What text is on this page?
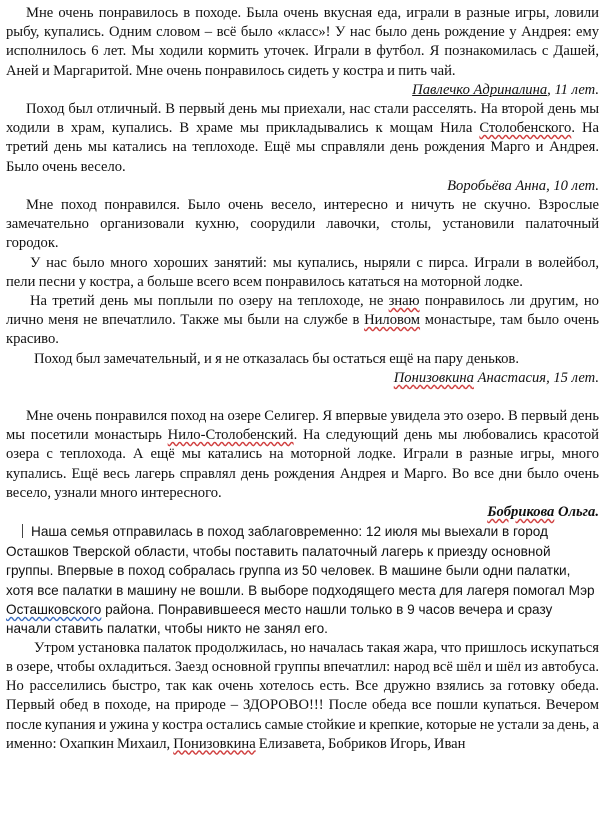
Мне очень понравилось в походе. Была очень вкусная еда, играли в разные игры, ловили рыбу, купались. Одним словом – всё было «класс»! У нас было день рождение у Андрея: ему исполнилось 6 лет. Мы ходили кормить уточек. Играли в футбол. Я познакомилась с Дашей, Аней и Маргаритой. Мне очень понравилось сидеть у костра и пить чай.

Павлечко Адриналина, 11 лет.

Поход был отличный. В первый день мы приехали, нас стали расселять. На второй день мы ходили в храм, купались. В храме мы прикладывались к мощам Нила Столобенского. На третий день мы катались на теплоходе. Ещё мы справляли день рождения Марго и Андрея. Было очень весело.

Воробьёва Анна, 10 лет.

Мне поход понравился. Было очень весело, интересно и ничуть не скучно. Взрослые замечательно организовали кухню, соорудили лавочки, столы, установили палаточный городок.

У нас было много хороших занятий: мы купались, ныряли с пирса. Играли в волейбол, пели песни у костра, а больше всего всем понравилось кататься на моторной лодке.

На третий день мы поплыли по озеру на теплоходе, не знаю понравилось ли другим, но лично меня не впечатлило. Также мы были на службе в Ниловом монастыре, там было очень красиво.

Поход был замечательный, и я не отказалась бы остаться ещё на пару деньков.

Понизовкина Анастасия, 15 лет.

Мне очень понравился поход на озере Селигер. Я впервые увидела это озеро. В первый день мы посетили монастырь Нило-Столобенский. На следующий день мы любовались красотой озера с теплохода. А ещё мы катались на моторной лодке. Играли в разные игры, много купались. Ещё весь лагерь справлял день рождения Андрея и Марго. Во все дни было очень весело, узнали много интересного.

Бобрикова Ольга.

Наша семья отправилась в поход заблаговременно: 12 июля мы выехали в город Осташков Тверской области, чтобы поставить палаточный лагерь к приезду основной группы. Впервые в поход собралась группа из 50 человек. В машине были одни палатки, хотя все палатки в машину не вошли. В выборе подходящего места для лагеря помогал Мэр Осташковского района. Понравившееся место нашли только в 9 часов вечера и сразу начали ставить палатки, чтобы никто не занял его.

Утром установка палаток продолжилась, но началась такая жара, что пришлось искупаться в озере, чтобы охладиться. Заезд основной группы впечатлил: народ всё шёл и шёл из автобуса. Но расселились быстро, так как очень хотелось есть. Все дружно взялись за готовку обеда. Первый обед в походе, на природе – ЗДОРОВО!!! После обеда все пошли купаться. Вечером после купания и ужина у костра остались самые стойкие и крепкие, которые не устали за день, а именно: Охапкин Михаил, Понизовкина Елизавета, Бобриков Игорь, Иван
